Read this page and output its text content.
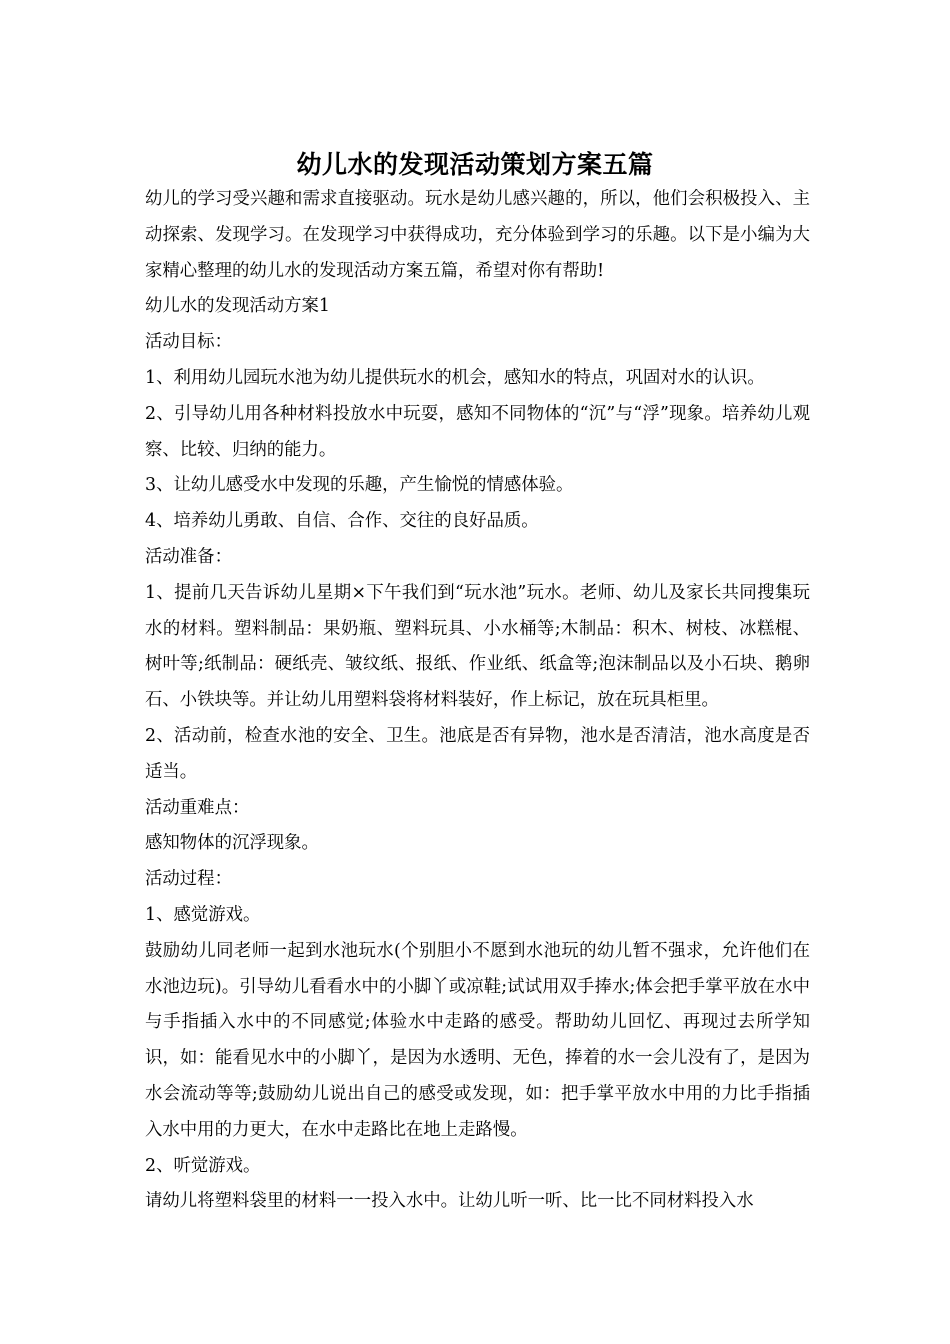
幼儿水的发现活动策划方案五篇

幼儿的学习受兴趣和需求直接驱动。玩水是幼儿感兴趣的，所以，他们会积极投入、主动探索、发现学习。在发现学习中获得成功，充分体验到学习的乐趣。以下是小编为大家精心整理的幼儿水的发现活动方案五篇，希望对你有帮助!

幼儿水的发现活动方案1

活动目标：

1、利用幼儿园玩水池为幼儿提供玩水的机会，感知水的特点，巩固对水的认识。

2、引导幼儿用各种材料投放水中玩耍，感知不同物体的“沉”与“浮”现象。培养幼儿观察、比较、归纳的能力。

3、让幼儿感受水中发现的乐趣，产生愉悦的情感体验。

4、培养幼儿勇敢、自信、合作、交往的良好品质。

活动准备：

1、提前几天告诉幼儿星期×下午我们到“玩水池”玩水。老师、幼儿及家长共同搜集玩水的材料。塑料制品：果奶瓶、塑料玩具、小水桶等;木制品：积木、树枝、冰糕棍、树叶等;纸制品：硬纸壳、皱纹纸、报纸、作业纸、纸盒等;泡沫制品以及小石块、鹅卵石、小铁块等。并让幼儿用塑料袋将材料装好，作上标记，放在玩具柜里。

2、活动前，检查水池的安全、卫生。池底是否有异物，池水是否清洁，池水高度是否适当。

活动重难点：

感知物体的沉浮现象。

活动过程：

1、感觉游戏。

鼓励幼儿同老师一起到水池玩水(个别胆小不愿到水池玩的幼儿暂不强求，允许他们在水池边玩)。引导幼儿看看水中的小脚丫或凉鞋;试试用双手捧水;体会把手掌平放在水中与手指插入水中的不同感觉;体验水中走路的感受。帮助幼儿回忆、再现过去所学知识，如：能看见水中的小脚丫，是因为水透明、无色，捧着的水一会儿没有了，是因为水会流动等等;鼓励幼儿说出自己的感受或发现，如：把手掌平放水中用的力比手指插入水中用的力更大，在水中走路比在地上走路慢。

2、听觉游戏。

请幼儿将塑料袋里的材料一一投入水中。让幼儿听一听、比一比不同材料投入水
